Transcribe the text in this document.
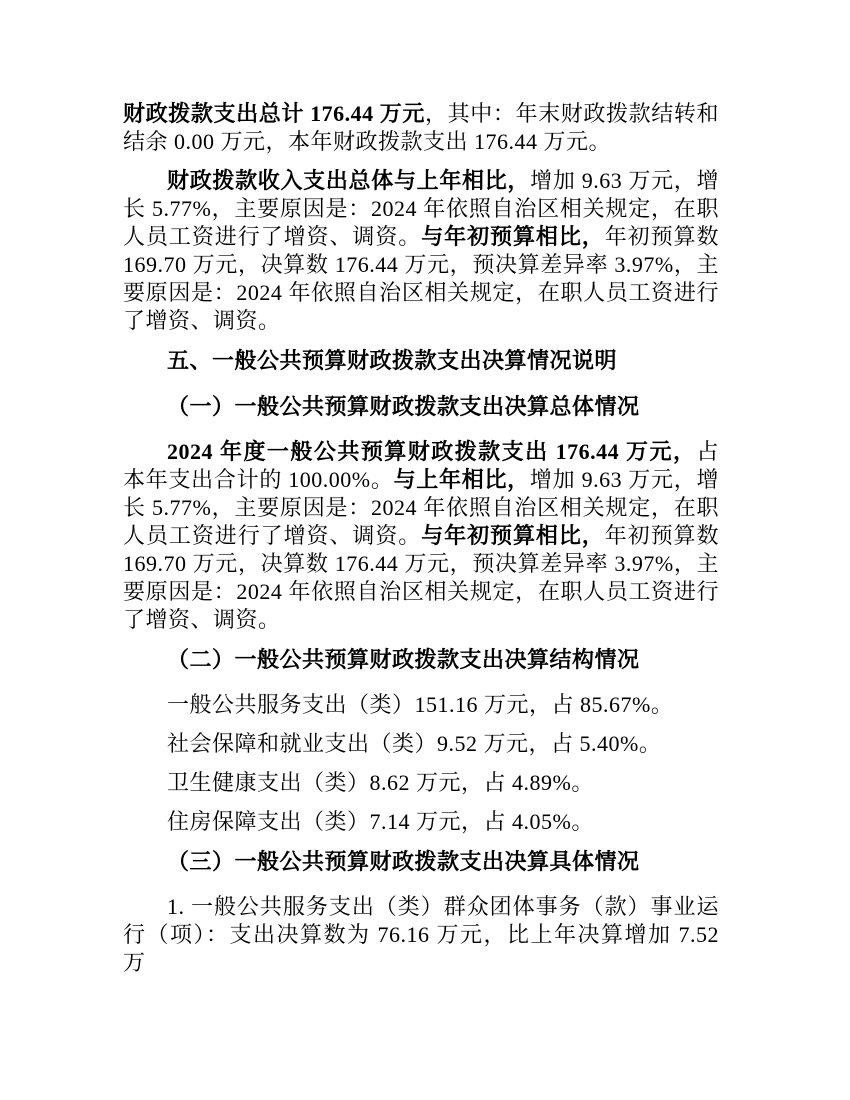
财政拨款支出总计 176.44 万元，其中：年末财政拨款结转和结余 0.00 万元，本年财政拨款支出 176.44 万元。

财政拨款收入支出总体与上年相比，增加 9.63 万元，增长 5.77%，主要原因是：2024 年依照自治区相关规定，在职人员工资进行了增资、调资。与年初预算相比，年初预算数 169.70 万元，决算数 176.44 万元，预决算差异率 3.97%，主要原因是：2024 年依照自治区相关规定，在职人员工资进行了增资、调资。

五、一般公共预算财政拨款支出决算情况说明

（一）一般公共预算财政拨款支出决算总体情况

2024 年度一般公共预算财政拨款支出 176.44 万元，占本年支出合计的 100.00%。与上年相比，增加 9.63 万元，增长 5.77%，主要原因是：2024 年依照自治区相关规定，在职人员工资进行了增资、调资。与年初预算相比，年初预算数 169.70 万元，决算数 176.44 万元，预决算差异率 3.97%，主要原因是：2024 年依照自治区相关规定，在职人员工资进行了增资、调资。

（二）一般公共预算财政拨款支出决算结构情况

一般公共服务支出（类）151.16 万元，占 85.67%。

社会保障和就业支出（类）9.52 万元，占 5.40%。

卫生健康支出（类）8.62 万元，占 4.89%。

住房保障支出（类）7.14 万元，占 4.05%。

（三）一般公共预算财政拨款支出决算具体情况

1. 一般公共服务支出（类）群众团体事务（款）事业运行（项）：支出决算数为 76.16 万元，比上年决算增加 7.52 万
